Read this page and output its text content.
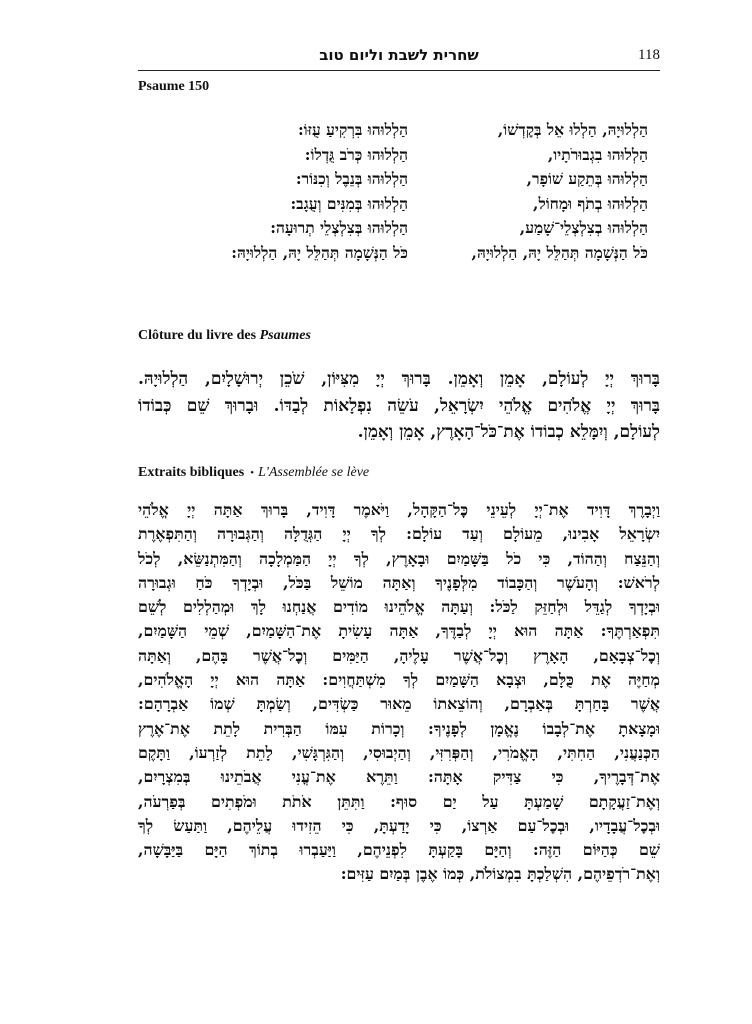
שחרית לשבת וליום טוב	118
Psaume 150
הַלְלוּיָהּ, הַלְלוּ אֵל בְּקׇדְשׁוֹ,
הַלְלוּהוּ בִּרְקִיעַ עֻזּוֹ:
הַלְלוּהוּ בִגְבוּרֹתָיו,
הַלְלוּהוּ כְּרֹב גֻּדְלוֹ:
הַלְלוּהוּ בְּתֵקַע שׁוֹפָר,
הַלְלוּהוּ בְּנֵבֶל וְכִנּוֹר:
הַלְלוּהוּ בְתֹף וּמָחוֹל,
הַלְלוּהוּ בְּמִנִּים וְעֻגָב:
הַלְלוּהוּ בְצִלְצְלֵי־שָׁמַע,
הַלְלוּהוּ בְּצִלְצְלֵי תְרוּעָה:
כֹּל הַנְּשָׁמָה תְּהַלֵּל יָהּ, הַלְלוּיָהּ,
כֹּל הַנְּשָׁמָה תְּהַלֵּל יָהּ, הַלְלוּיָהּ:
Clôture du livre des Psaumes
בָּרוּךְ יְיָ לְעוֹלָם, אָמֵן וְאָמֵן. בָּרוּךְ יְיָ מִצִּיּוֹן, שֹׁכֵן יְרוּשָׁלָיִם, הַלְלוּיָהּ.
בָּרוּךְ יְיָ אֱלֹהִים אֱלֹהֵי יִשְׂרָאֵל, עֹשֵׂה נִפְלָאוֹת לְבַדּוֹ. וּבָרוּךְ שֵׁם כְּבוֹדוֹ
לְעוֹלָם, וְיִמָּלֵא כְבוֹדוֹ אֶת־כֹּל־הָאָרֶץ, אָמֵן וְאָמֵן.
Extraits bibliques • L'Assemblée se lève
וַיְבָרֶךְ דָּוִיד אֶת־יְיָ לְעֵינֵי כׇּל־הַקָּהָל, וַיֹּאמֶר דָּוִיד, בָּרוּךְ אַתָּה יְיָ אֱלֹהֵי
יִשְׂרָאֵל אָבִינוּ, מֵעוֹלָם וְעַד עוֹלָם: לְךָ יְיָ הַגְּדֻלָּה וְהַגְּבוּרָה וְהַתִּפְאֶרֶת
וְהַנֵּצַח וְהַהוֹד, כִּי כֹל בַּשָּׁמַיִם וּבָאָרֶץ, לְךָ יְיָ הַמַּמְלָכָה וְהַמִּתְנַשֵּׂא, לְכֹל
לְרֹאשׁ: וְהָעֹשֶׁר וְהַכָּבוֹד מִלְּפָנֶיךָ וְאַתָּה מוֹשֵׁל בַּכֹּל, וּבְיָדְךָ כֹּחַ וּגְבוּרָה
וּבְיָדְךָ לְגַדֵּל וּלְחַזֵּק לַכֹּל: וְעַתָּה אֱלֹהֵינוּ מוֹדִים אֲנַחְנוּ לָךְ וּמְהַלְלִים לְשֵׁם
תִּפְאַרְתֶּךָ: אַתָּה הוּא יְיָ לְבַדֶּךָ, אַתָּה עָשִׂיתָ אֶת־הַשָּׁמַיִם, שְׁמֵי הַשָּׁמַיִם,
וְכׇל־צְבָאָם, הָאָרֶץ וְכׇל־אֲשֶׁר עָלֶיהָ, הַיַּמִּים וְכׇל־אֲשֶׁר בָּהֶם, וְאַתָּה
מְחַיֶּה אֶת כֻּלָּם, וּצְבָא הַשָּׁמַיִם לְךָ מִשְׁתַּחֲוִים: אַתָּה הוּא יְיָ הָאֱלֹהִים,
אֲשֶׁר בָּחַרְתָּ בְּאַבְרָם, וְהוֹצֵאתוֹ מֵאוּר כַּשְׂדִּים, וְשַׂמְתָּ שְׁמוֹ אַבְרָהָם:
וּמָצָאתָ אֶת־לְבָבוֹ נֶאֱמָן לְפָנֶיךָ: וְכָרוֹת עִמּוֹ הַבְּרִית לָתֵת אֶת־אֶרֶץ
הַכְּנַעֲנִי, הַחִתִּי, הָאֱמֹרִי, וְהַפְּרִזִּי, וְהַיְבוּסִי, וְהַגִּרְגָּשִׁי, לָתֵת לְזַרְעוֹ, וַתָּקֶם
אֶת־דְּבָרֶיךָ, כִּי צַדִּיק אָתָּה: וַתֵּרֶא אֶת־עֳנִי אֲבֹתֵינוּ בְּמִצְרָיִם,
וְאֶת־זַעֲקָתָם שָׁמַעְתָּ עַל יַם סוּף: וַתִּתֵּן אֹתֹת וּמֹפְתִים בְּפַרְעֹה,
וּבְכׇל־עֲבָדָיו, וּבְכׇל־עַם אַרְצוֹ, כִּי יָדַעְתָּ, כִּי הֵזִידוּ עֲלֵיהֶם, וַתַּעַשׂ לְךָ
שֵׁם כְּהַיּוֹם הַזֶּה: וְהַיָּם בָּקַעְתָּ לִפְנֵיהֶם, וַיַּעַבְרוּ בְתוֹךְ הַיָּם בַּיַּבָּשָׁה,
וְאֶת־רֹדְפֵיהֶם, הִשְׁלַכְתָּ בִמְצוֹלֹת, כְּמוֹ אֶבֶן בְּמַיִם עַזִּים:
